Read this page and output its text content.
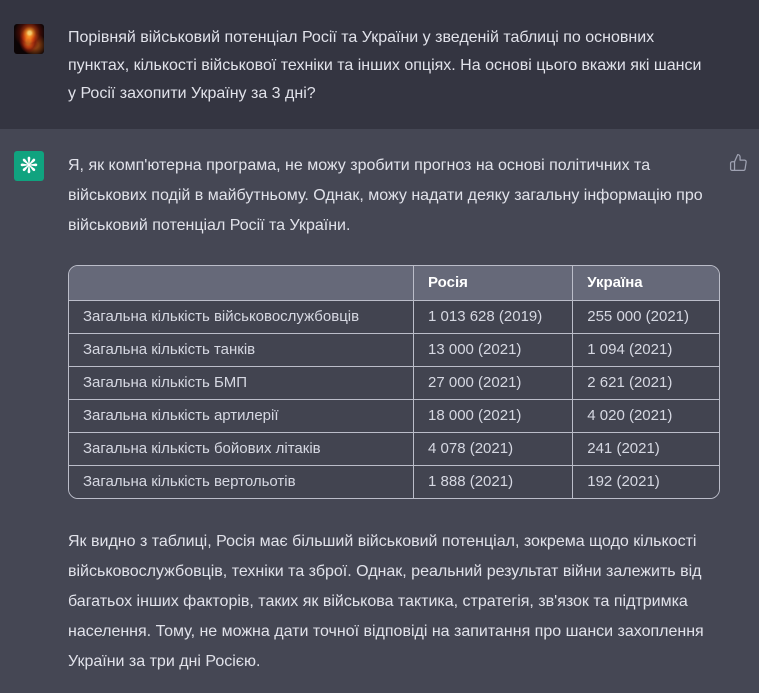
Порівняй військовий потенціал Росії та України у зведеній таблиці по основних пунктах, кількості військової техніки та інших опціях. На основі цього вкажи які шанси у Росії захопити Україну за 3 дні?
❋ Я, як комп'ютерна програма, не можу зробити прогноз на основі політичних та військових подій в майбутньому. Однак, можу надати деяку загальну інформацію про військовий потенціал Росії та України.

	Росія	Україна
Загальна кількість військовослужбовців	1 013 628 (2019)	255 000 (2021)
Загальна кількість танків	13 000 (2021)	1 094 (2021)
Загальна кількість БМП	27 000 (2021)	2 621 (2021)
Загальна кількість артилерії	18 000 (2021)	4 020 (2021)
Загальна кількість бойових літаків	4 078 (2021)	241 (2021)
Загальна кількість вертольотів	1 888 (2021)	192 (2021)

Як видно з таблиці, Росія має більший військовий потенціал, зокрема щодо кількості військовослужбовців, техніки та зброї. Однак, реальний результат війни залежить від багатьох інших факторів, таких як військова тактика, стратегія, зв'язок та підтримка населення. Тому, не можна дати точної відповіді на запитання про шанси захоплення України за три дні Росією.
